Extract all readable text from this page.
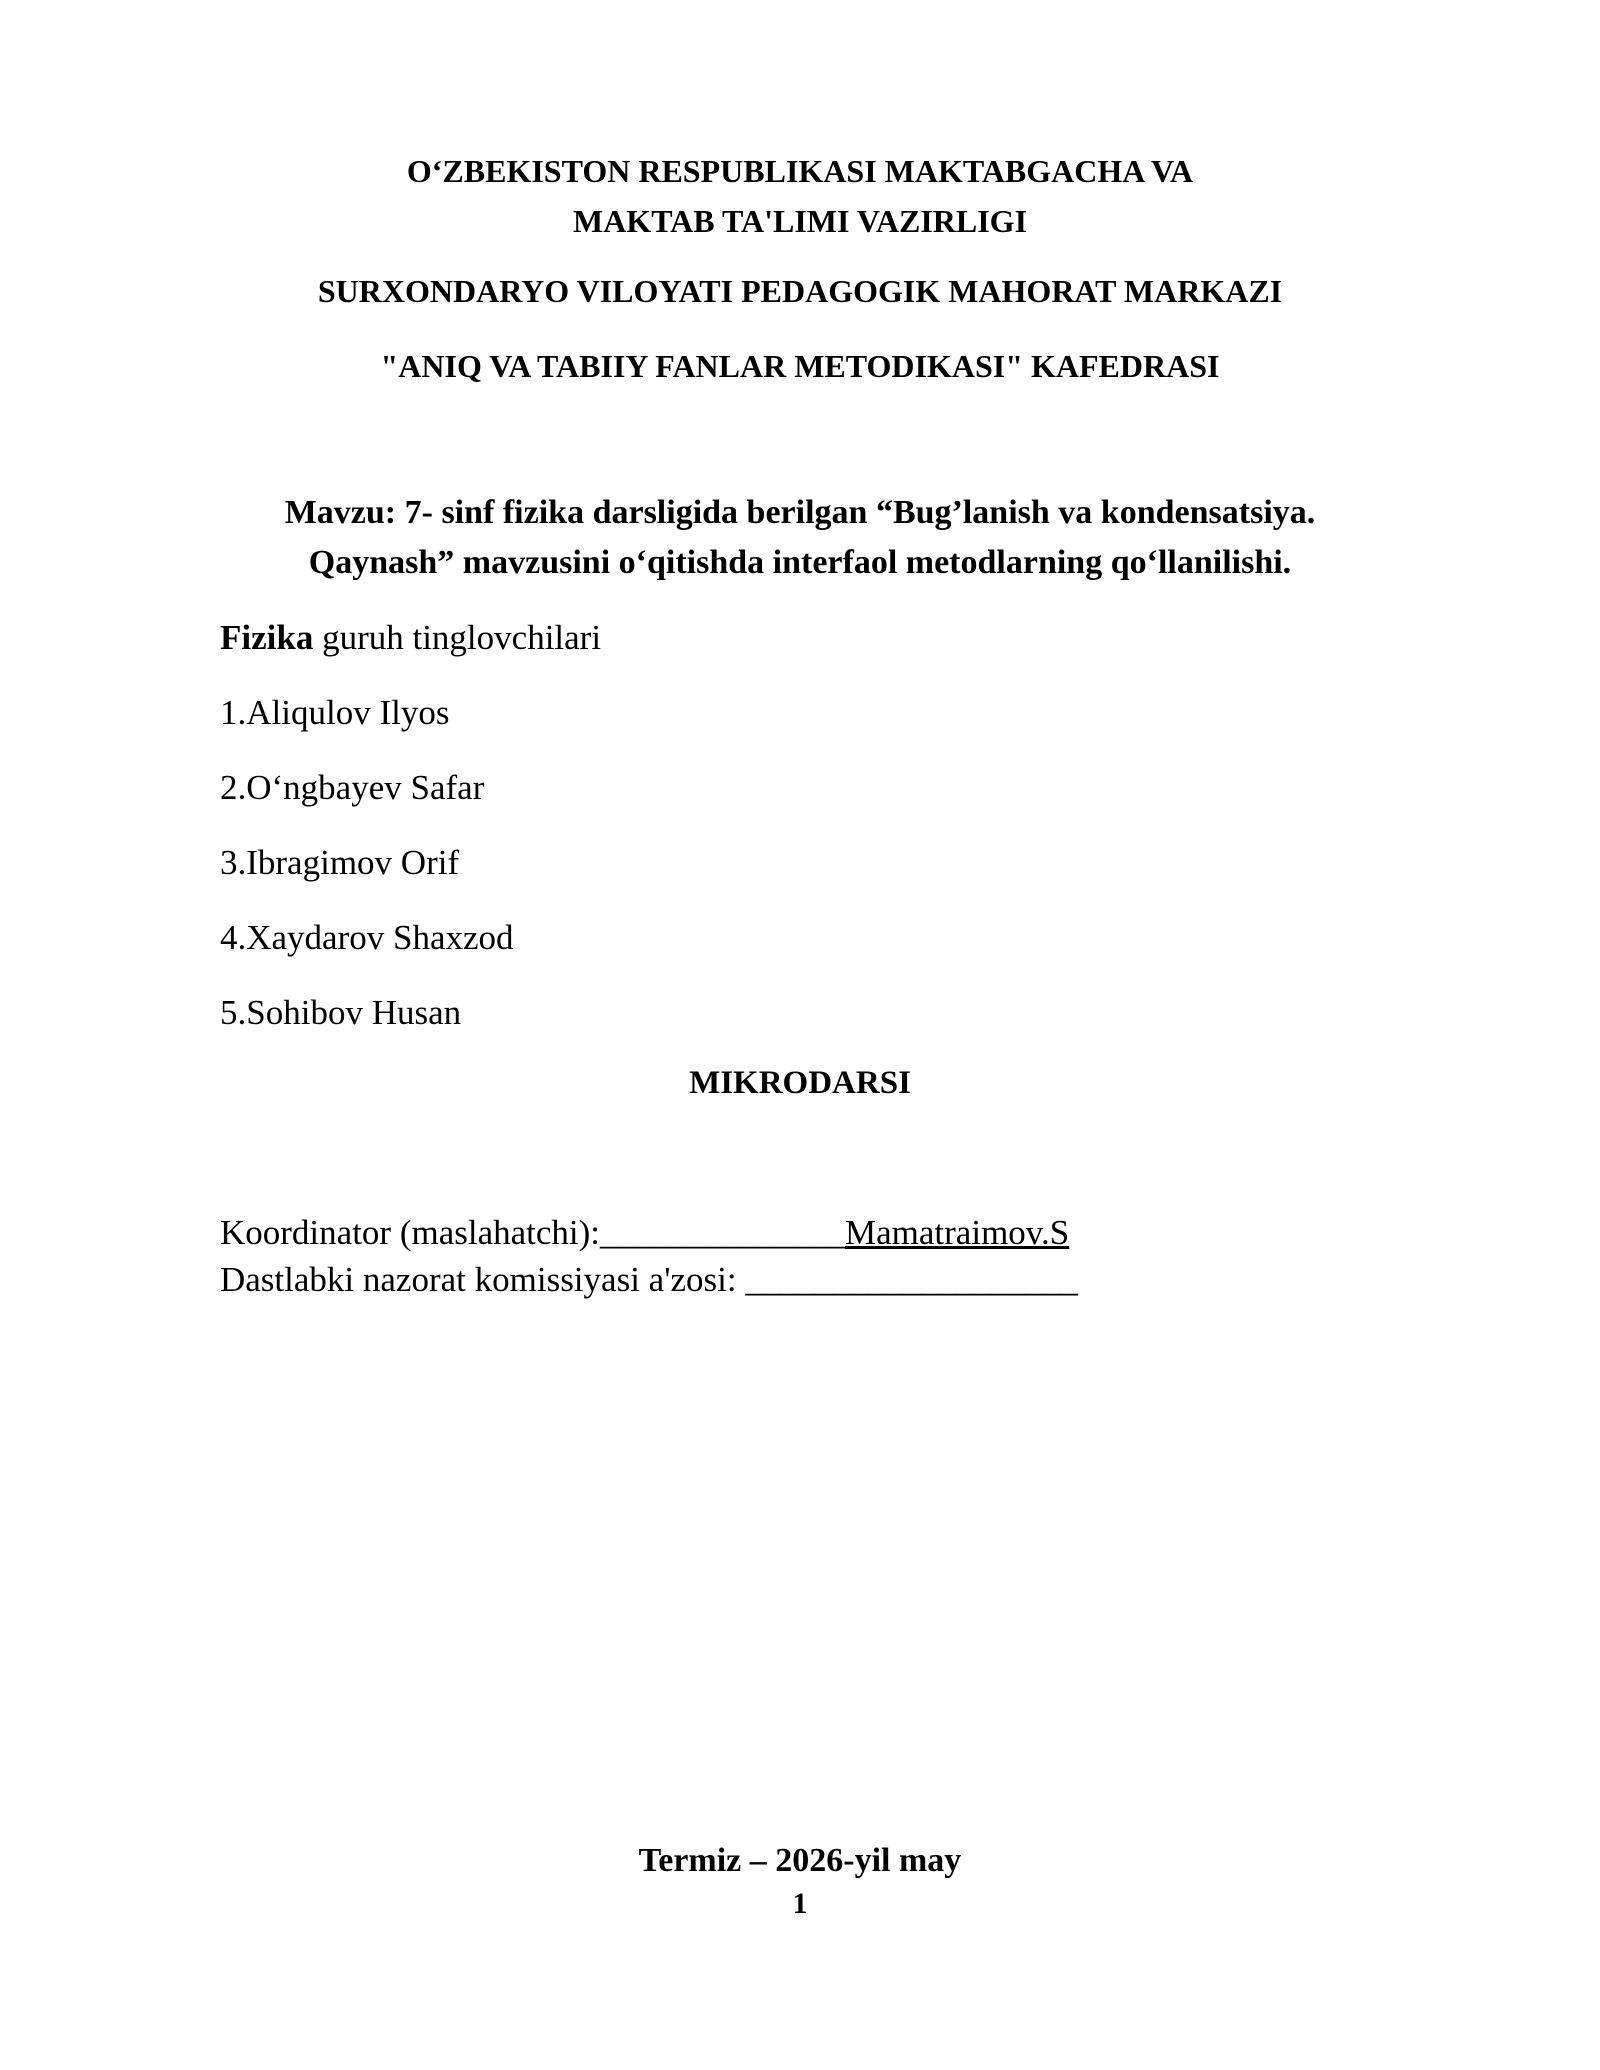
O‘ZBEKISTON RESPUBLIKASI MAKTABGACHA VA
MAKTAB TA'LIMI VAZIRLIGI
SURXONDARYO VILOYATI PEDAGOGIK MAHORAT MARKAZI
"ANIQ VA TABIIY FANLAR METODIKASI" KAFEDRASI
Mavzu: 7- sinf fizika darsligida berilgan “Bug’lanish va kondensatsiya.
Qaynash” mavzusini o‘qitishda interfaol metodlarning qo‘llanilishi.
Fizika guruh tinglovchilari
1.Aliqulov Ilyos
2.O‘ngbayev Safar
3.Ibragimov Orif
4.Xaydarov Shaxzod
5.Sohibov Husan
MIKRODARSI
Koordinator (maslahatchi):______________Mamatraimov.S
Dastlabki nazorat komissiyasi a'zosi: ___________________
Termiz – 2026-yil may
1
